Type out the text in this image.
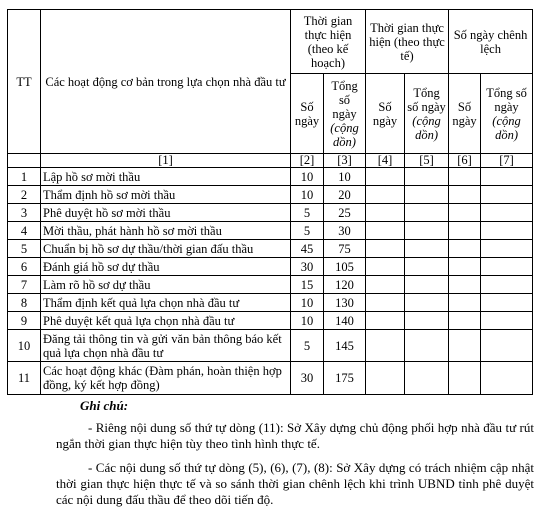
TT	Các hoạt động cơ bản trong lựa chọn nhà đầu tư	Thời gian thực hiện (theo kế hoạch)		Thời gian thực hiện (theo thực tế)		Số ngày chênh lệch	
		Số ngày	Tổng số ngày (cộng dồn)	Số ngày	Tổng số ngày (cộng dồn)	Số ngày	Tổng số ngày (cộng dồn)
	[1]	[2]	[3]	[4]	[5]	[6]	[7]
1	Lập hồ sơ mời thầu	10	10				
2	Thẩm định hồ sơ mời thầu	10	20				
3	Phê duyệt hồ sơ mời thầu	5	25				
4	Mời thầu, phát hành hồ sơ mời thầu	5	30				
5	Chuẩn bị hồ sơ dự thầu/thời gian đấu thầu	45	75				
6	Đánh giá hồ sơ dự thầu	30	105				
7	Làm rõ hồ sơ dự thầu	15	120				
8	Thẩm định kết quả lựa chọn nhà đầu tư	10	130				
9	Phê duyệt kết quả lựa chọn nhà đầu tư	10	140				
10	Đăng tải thông tin và gửi văn bản thông báo kết quả lựa chọn nhà đầu tư	5	145				
11	Các hoạt động khác (Đàm phán, hoàn thiện hợp đồng, ký kết hợp đồng)	30	175				
Ghi chú:

- Riêng nội dung số thứ tự dòng (11): Sở Xây dựng chủ động phối hợp nhà đầu tư rút ngắn thời gian thực hiện tùy theo tình hình thực tế.

- Các nội dung số thứ tự dòng (5), (6), (7), (8): Sở Xây dựng có trách nhiệm cập nhật thời gian thực hiện thực tế và so sánh thời gian chênh lệch khi trình UBND tỉnh phê duyệt các nội dung đấu thầu để theo dõi tiến độ.
